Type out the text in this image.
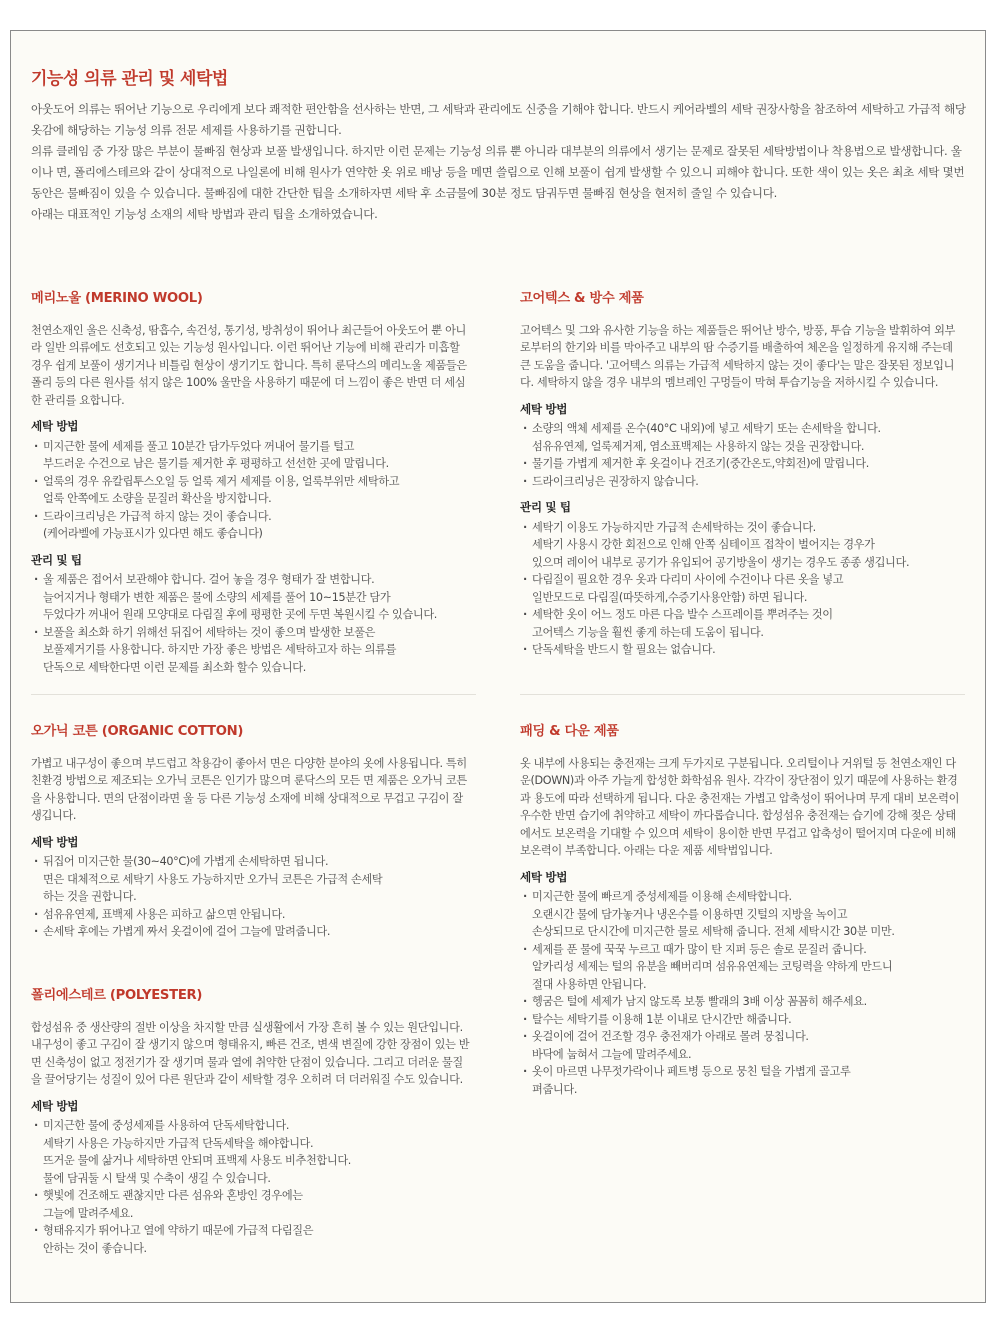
기능성 의류 관리 및 세탁법

아웃도어 의류는 뛰어난 기능으로 우리에게 보다 쾌적한 편안함을 선사하는 반면, 그 세탁과 관리에도 신중을 기해야 합니다. 반드시 케어라벨의 세탁 권장사항을 참조하여 세탁하고 가급적 해당 옷감에 해당하는 기능성 의류 전문 세제를 사용하기를 권합니다.

의류 클레임 중 가장 많은 부분이 물빠짐 현상과 보풀 발생입니다. 하지만 이런 문제는 기능성 의류 뿐 아니라 대부분의 의류에서 생기는 문제로 잘못된 세탁방법이나 착용법으로 발생합니다. 울이나 면, 폴리에스테르와 같이 상대적으로 나일론에 비해 원사가 연약한 옷 위로 배낭 등을 메면 쓸림으로 인해 보풀이 쉽게 발생할 수 있으니 피해야 합니다. 또한 색이 있는 옷은 최초 세탁 몇번 동안은 물빠짐이 있을 수 있습니다. 물빠짐에 대한 간단한 팁을 소개하자면 세탁 후 소금물에 30분 정도 담궈두면 물빠짐 현상을 현저히 줄일 수 있습니다.

아래는 대표적인 기능성 소재의 세탁 방법과 관리 팁을 소개하였습니다.

메리노울 (MERINO WOOL)

천연소재인 울은 신축성, 땀흡수, 속건성, 통기성, 방취성이 뛰어나 최근들어 아웃도어 뿐 아니라 일반 의류에도 선호되고 있는 기능성 원사입니다. 이런 뛰어난 기능에 비해 관리가 미흡할 경우 쉽게 보풀이 생기거나 비틀림 현상이 생기기도 합니다. 특히 룬닥스의 메리노울 제품들은 폴리 등의 다른 원사를 섞지 않은 100% 울만을 사용하기 때문에 더 느낌이 좋은 반면 더 세심한 관리를 요합니다.

세탁 방법
· 미지근한 물에 세제를 풀고 10분간 담가두었다 꺼내어 물기를 털고
부드러운 수건으로 남은 물기를 제거한 후 평평하고 선선한 곳에 말립니다.
· 얼룩의 경우 유칼립투스오일 등 얼룩 제거 세제를 이용, 얼룩부위만 세탁하고
얼룩 안쪽에도 소량을 문질러 확산을 방지합니다.
· 드라이크리닝은 가급적 하지 않는 것이 좋습니다.
(케어라벨에 가능표시가 있다면 해도 좋습니다)
관리 및 팁
· 울 제품은 접어서 보관해야 합니다. 걸어 놓을 경우 형태가 잘 변합니다.
늘어지거나 형태가 변한 제품은 물에 소량의 세제를 풀어 10~15분간 담가
두었다가 꺼내어 원래 모양대로 다림질 후에 평평한 곳에 두면 복원시킬 수 있습니다.
· 보풀을 최소화 하기 위해선 뒤집어 세탁하는 것이 좋으며 발생한 보풀은
보풀제거기를 사용합니다. 하지만 가장 좋은 방법은 세탁하고자 하는 의류를
단독으로 세탁한다면 이런 문제를 최소화 할수 있습니다.
고어텍스 & 방수 제품

고어텍스 및 그와 유사한 기능을 하는 제품들은 뛰어난 방수, 방풍, 투습 기능을 발휘하여 외부로부터의 한기와 비를 막아주고 내부의 땀 수증기를 배출하여 체온을 일정하게 유지해 주는데 큰 도움을 줍니다. '고어텍스 의류는 가급적 세탁하지 않는 것이 좋다'는 말은 잘못된 정보입니다. 세탁하지 않을 경우 내부의 멤브레인 구멍들이 막혀 투습기능을 저하시킬 수 있습니다.

세탁 방법
· 소량의 액체 세제를 온수(40°C 내외)에 넣고 세탁기 또는 손세탁을 합니다.
섬유유연제, 얼룩제거제, 염소표백제는 사용하지 않는 것을 권장합니다.
· 물기를 가볍게 제거한 후 옷걸이나 건조기(중간온도,약회전)에 말립니다.
· 드라이크리닝은 권장하지 않습니다.
관리 및 팁
· 세탁기 이용도 가능하지만 가급적 손세탁하는 것이 좋습니다.
세탁기 사용시 강한 회전으로 인해 안쪽 심테이프 접착이 벌어지는 경우가
있으며 레이어 내부로 공기가 유입되어 공기방울이 생기는 경우도 종종 생깁니다.
· 다림질이 필요한 경우 옷과 다리미 사이에 수건이나 다른 옷을 넣고
일반모드로 다림질(따뜻하게,수증기사용안함) 하면 됩니다.
· 세탁한 옷이 어느 정도 마른 다음 발수 스프레이를 뿌려주는 것이
고어텍스 기능을 훨씬 좋게 하는데 도움이 됩니다.
· 단독세탁을 반드시 할 필요는 없습니다.
오가닉 코튼 (ORGANIC COTTON)

가볍고 내구성이 좋으며 부드럽고 착용감이 좋아서 면은 다양한 분야의 옷에 사용됩니다. 특히 친환경 방법으로 제조되는 오가닉 코튼은 인기가 많으며 룬닥스의 모든 면 제품은 오가닉 코튼을 사용합니다. 면의 단점이라면 울 등 다른 기능성 소재에 비해 상대적으로 무겁고 구김이 잘 생깁니다.

세탁 방법
· 뒤집어 미지근한 물(30~40°C)에 가볍게 손세탁하면 됩니다.
면은 대체적으로 세탁기 사용도 가능하지만 오가닉 코튼은 가급적 손세탁
하는 것을 권합니다.
· 섬유유연제, 표백제 사용은 피하고 삶으면 안됩니다.
· 손세탁 후에는 가볍게 짜서 옷걸이에 걸어 그늘에 말려줍니다.
패딩 & 다운 제품

옷 내부에 사용되는 충전재는 크게 두가지로 구분됩니다. 오리털이나 거위털 등 천연소재인 다운(DOWN)과 아주 가늘게 합성한 화학섬유 원사. 각각이 장단점이 있기 때문에 사용하는 환경과 용도에 따라 선택하게 됩니다. 다운 충전재는 가볍고 압축성이 뛰어나며 무게 대비 보온력이 우수한 반면 습기에 취약하고 세탁이 까다롭습니다. 합성섬유 충전재는 습기에 강해 젖은 상태에서도 보온력을 기대할 수 있으며 세탁이 용이한 반면 무겁고 압축성이 떨어지며 다운에 비해 보온력이 부족합니다. 아래는 다운 제품 세탁법입니다.

세탁 방법
· 미지근한 물에 빠르게 중성세제를 이용해 손세탁합니다.
오랜시간 물에 담가놓거나 냉온수를 이용하면 깃털의 지방을 녹이고
손상되므로 단시간에 미지근한 물로 세탁해 줍니다. 전체 세탁시간 30분 미만.
· 세제를 푼 물에 꾹꾹 누르고 때가 많이 탄 지퍼 등은 솔로 문질러 줍니다.
알카리성 세제는 털의 유분을 빼버리며 섬유유연제는 코팅력을 약하게 만드니
절대 사용하면 안됩니다.
· 헹굼은 털에 세제가 남지 않도록 보통 빨래의 3배 이상 꼼꼼히 해주세요.
· 탈수는 세탁기를 이용해 1분 이내로 단시간만 해줍니다.
· 옷걸이에 걸어 건조할 경우 충전재가 아래로 몰려 뭉칩니다.
바닥에 눕혀서 그늘에 말려주세요.
· 옷이 마르면 나무젓가락이나 페트병 등으로 뭉친 털을 가볍게 골고루
펴줍니다.
폴리에스테르 (POLYESTER)

합성섬유 중 생산량의 절반 이상을 차지할 만큼 실생활에서 가장 흔히 볼 수 있는 원단입니다. 내구성이 좋고 구김이 잘 생기지 않으며 형태유지, 빠른 건조, 변색 변질에 강한 장점이 있는 반면 신축성이 없고 정전기가 잘 생기며 물과 열에 취약한 단점이 있습니다. 그리고 더러운 물질을 끌어당기는 성질이 있어 다른 원단과 같이 세탁할 경우 오히려 더 더러워질 수도 있습니다.

세탁 방법
· 미지근한 물에 중성세제를 사용하여 단독세탁합니다.
세탁기 사용은 가능하지만 가급적 단독세탁을 해야합니다.
뜨거운 물에 삶거나 세탁하면 안되며 표백제 사용도 비추천합니다.
물에 담궈둘 시 탈색 및 수축이 생길 수 있습니다.
· 햇빛에 건조해도 괜찮지만 다른 섬유와 혼방인 경우에는
그늘에 말려주세요.
· 형태유지가 뛰어나고 열에 약하기 때문에 가급적 다림질은
안하는 것이 좋습니다.
